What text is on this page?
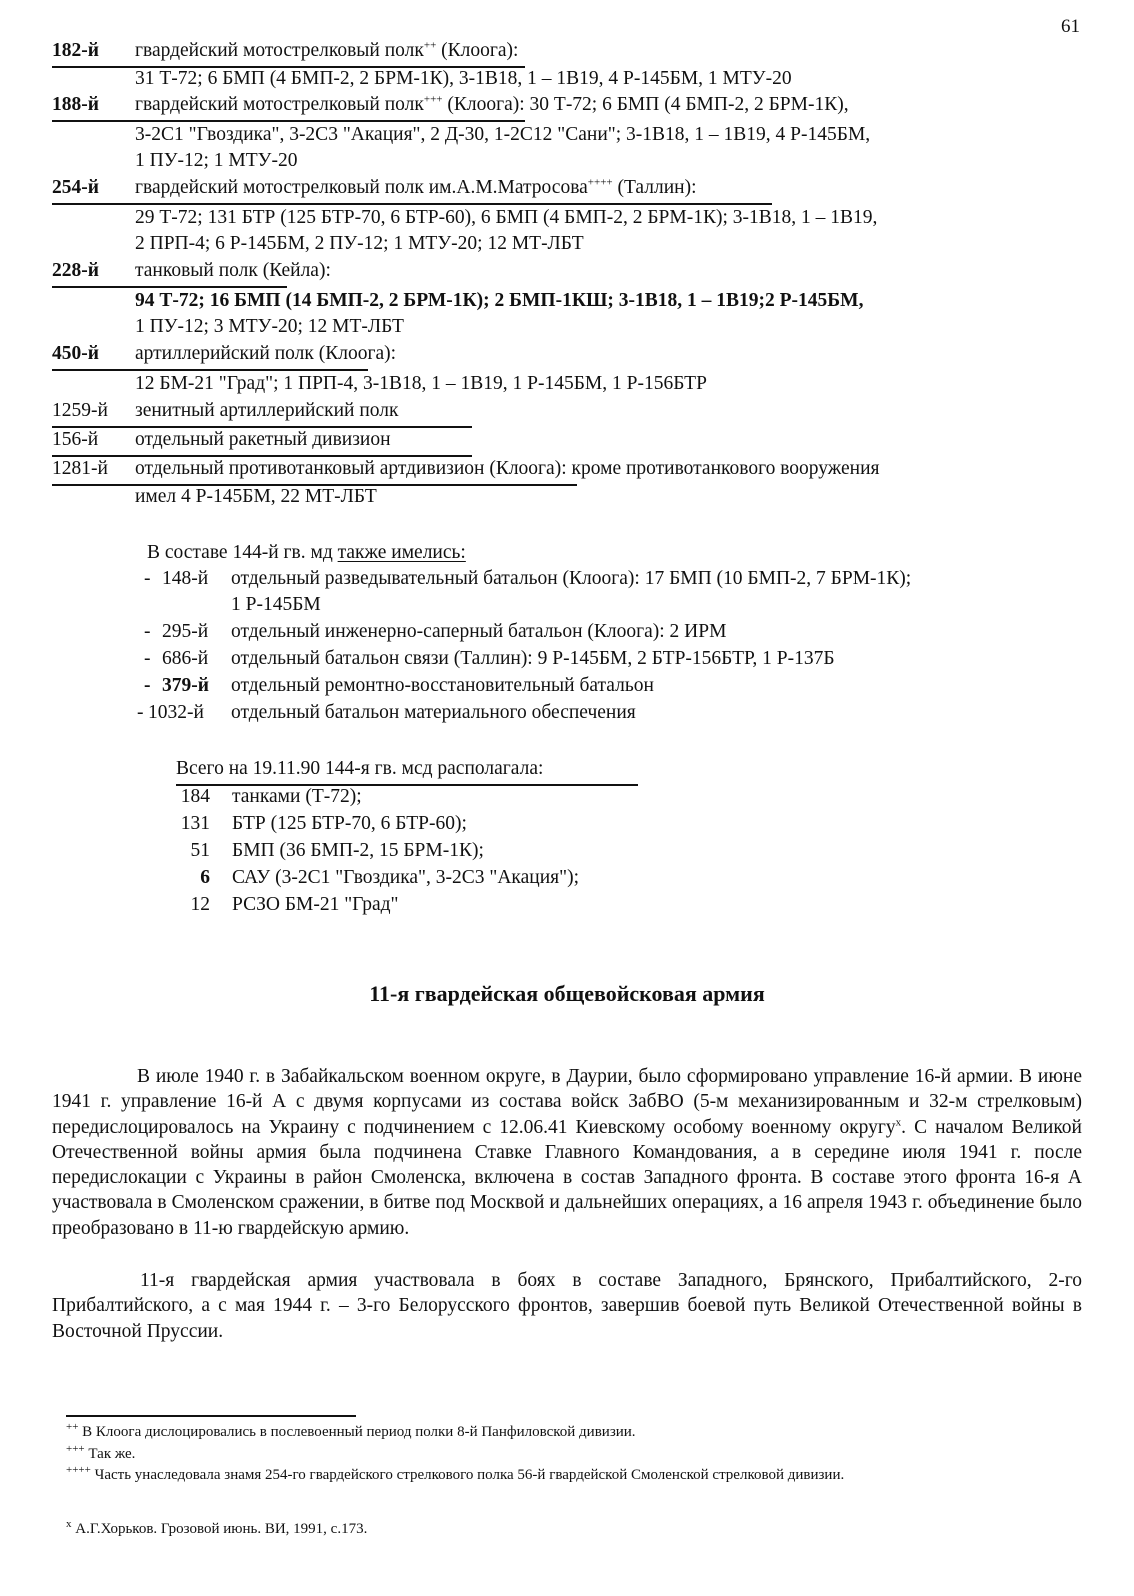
61
182-й гвардейский мотострелковый полк++ (Клоога):
31 Т-72; 6 БМП (4 БМП-2, 2 БРМ-1К), 3-1В18, 1 – 1В19, 4 Р-145БМ, 1 МТУ-20
188-й гвардейский мотострелковый полк+++ (Клоога): 30 Т-72; 6 БМП (4 БМП-2, 2 БРМ-1К),
3-2С1 "Гвоздика", 3-2С3 "Акация", 2 Д-30, 1-2С12 "Сани"; 3-1В18, 1 – 1В19, 4 Р-145БМ,
1 ПУ-12; 1 МТУ-20
254-й гвардейский мотострелковый полк им.А.М.Матросова++++ (Таллин):
29 Т-72; 131 БТР (125 БТР-70, 6 БТР-60), 6 БМП (4 БМП-2, 2 БРМ-1К); 3-1В18, 1 – 1В19,
2 ПРП-4; 6 Р-145БМ, 2 ПУ-12; 1 МТУ-20; 12 МТ-ЛБТ
228-й танковый полк (Кейла):
94 Т-72; 16 БМП (14 БМП-2, 2 БРМ-1К); 2 БМП-1КШ; 3-1В18, 1 – 1В19;2 Р-145БМ,
1 ПУ-12; 3 МТУ-20; 12 МТ-ЛБТ
450-й артиллерийский полк (Клоога):
12 БМ-21 "Град"; 1 ПРП-4, 3-1В18, 1 – 1В19, 1 Р-145БМ, 1 Р-156БТР
1259-й зенитный артиллерийский полк
156-й отдельный ракетный дивизион
1281-й отдельный противотанковый артдивизион (Клоога): кроме противотанкового вооружения
имел 4 Р-145БМ, 22 МТ-ЛБТ
В составе 144-й гв. мд также имелись:
- 148-й отдельный разведывательный батальон (Клоога): 17 БМП (10 БМП-2, 7 БРМ-1К);
1 Р-145БМ
- 295-й отдельный инженерно-саперный батальон (Клоога): 2 ИРМ
- 686-й отдельный батальон связи (Таллин): 9 Р-145БМ, 2 БТР-156БТР, 1 Р-137Б
- 379-й отдельный ремонтно-восстановительный батальон
- 1032-й отдельный батальон материального обеспечения
Всего на 19.11.90 144-я гв. мсд располагала:
184 танками (Т-72);
131 БТР (125 БТР-70, 6 БТР-60);
51 БМП (36 БМП-2, 15 БРМ-1К);
6 САУ (3-2С1 "Гвоздика", 3-2С3 "Акация");
12 РСЗО БМ-21 "Град"
11-я гвардейская общевойсковая армия
В июле 1940 г. в Забайкальском военном округе, в Даурии, было сформировано управление 16-й армии. В июне 1941 г. управление 16-й А с двумя корпусами из состава войск ЗабВО (5-м механизированным и 32-м стрелковым) передислоцировалось на Украину с подчинением с 12.06.41 Киевскому особому военному округу$^x$. С началом Великой Отечественной войны армия была подчинена Ставке Главного Командования, а в середине июля 1941 г. после передислокации с Украины в район Смоленска, включена в состав Западного фронта. В составе этого фронта 16-я А участвовала в Смоленском сражении, в битве под Москвой и дальнейших операциях, а 16 апреля 1943 г. объединение было преобразовано в 11-ю гвардейскую армию.
11-я гвардейская армия участвовала в боях в составе Западного, Брянского, Прибалтийского, 2-го Прибалтийского, а с мая 1944 г. – 3-го Белорусского фронтов, завершив боевой путь Великой Отечественной войны в Восточной Пруссии.
++ В Клоога дислоцировались в послевоенный период полки 8-й Панфиловской дивизии.
+++ Так же.
++++ Часть унаследовала знамя 254-го гвардейского стрелкового полка 56-й гвардейской Смоленской стрелковой дивизии.
$^x$ А.Г.Хорьков. Грозовой июнь. ВИ, 1991, с.173.
